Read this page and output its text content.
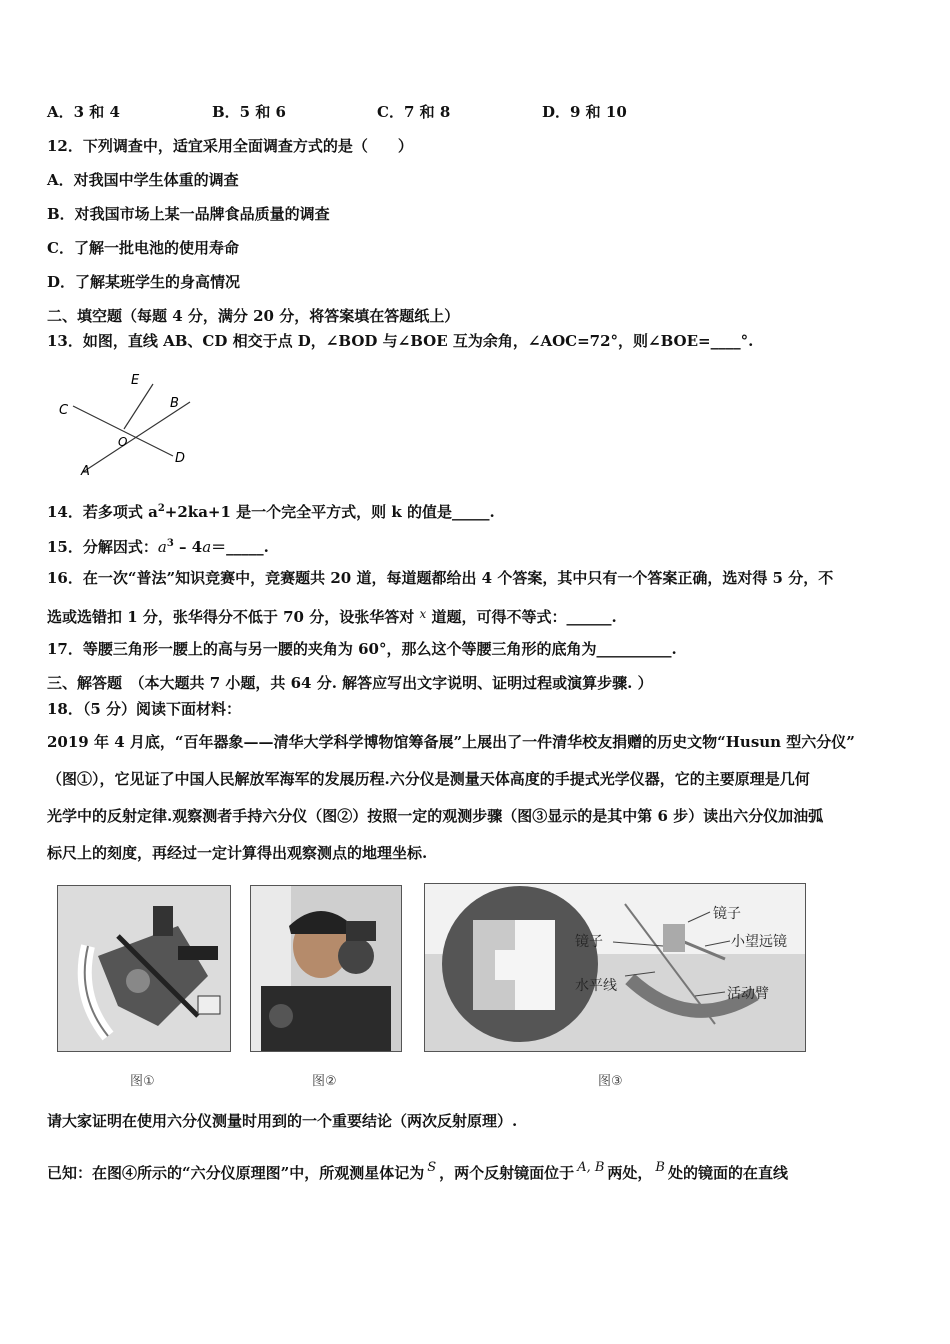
A．3 和 4	B．5 和 6	C．7 和 8	D．9 和 10
12．下列调查中，适宜采用全面调查方式的是（　　）
A．对我国中学生体重的调查
B．对我国市场上某一品牌食品质量的调查
C．了解一批电池的使用寿命
D．了解某班学生的身高情况
二、填空题（每题 4 分，满分 20 分，将答案填在答题纸上）
13．如图，直线 AB、CD 相交于点 D，∠BOD 与∠BOE 互为余角，∠AOC=72°，则∠BOE=____°.
E
C	B
O
D
A
14．若多项式 $a^2+2ka+1$ 是一个完全平方式，则 k 的值是_____.
15．分解因式：$a^3$ – 4a＝_____.
16．在一次“普法”知识竞赛中，竞赛题共 20 道，每道题都给出 4 个答案，其中只有一个答案正确，选对得 5 分，不
选或选错扣 1 分，张华得分不低于 70 分，设张华答对 $^x$ 道题，可得不等式：______.
17．等腰三角形一腰上的高与另一腰的夹角为 60°，那么这个等腰三角形的底角为__________.
三、解答题　（本大题共 7 小题，共 64 分. 解答应写出文字说明、证明过程或演算步骤. ）
18．（5 分）阅读下面材料：
2019 年 4 月底，“百年器象——清华大学科学博物馆筹备展”上展出了一件清华校友捐赠的历史文物“Husun 型六分仪”
（图①），它见证了中国人民解放军海军的发展历程.六分仪是测量天体高度的手提式光学仪器，它的主要原理是几何
光学中的反射定律.观察测者手持六分仪（图②）按照一定的观测步骤（图③显示的是其中第 6 步）读出六分仪加油弧
标尺上的刻度，再经过一定计算得出观察测点的地理坐标.
镜子
镜子	小望远镜
水平线	活动臂
图①	图②	图③
请大家证明在使用六分仪测量时用到的一个重要结论（两次反射原理）.
已知：在图④所示的“六分仪原理图”中，所观测星体记为 S ，两个反射镜面位于 A, B 两处， B 处的镜面的在直线
